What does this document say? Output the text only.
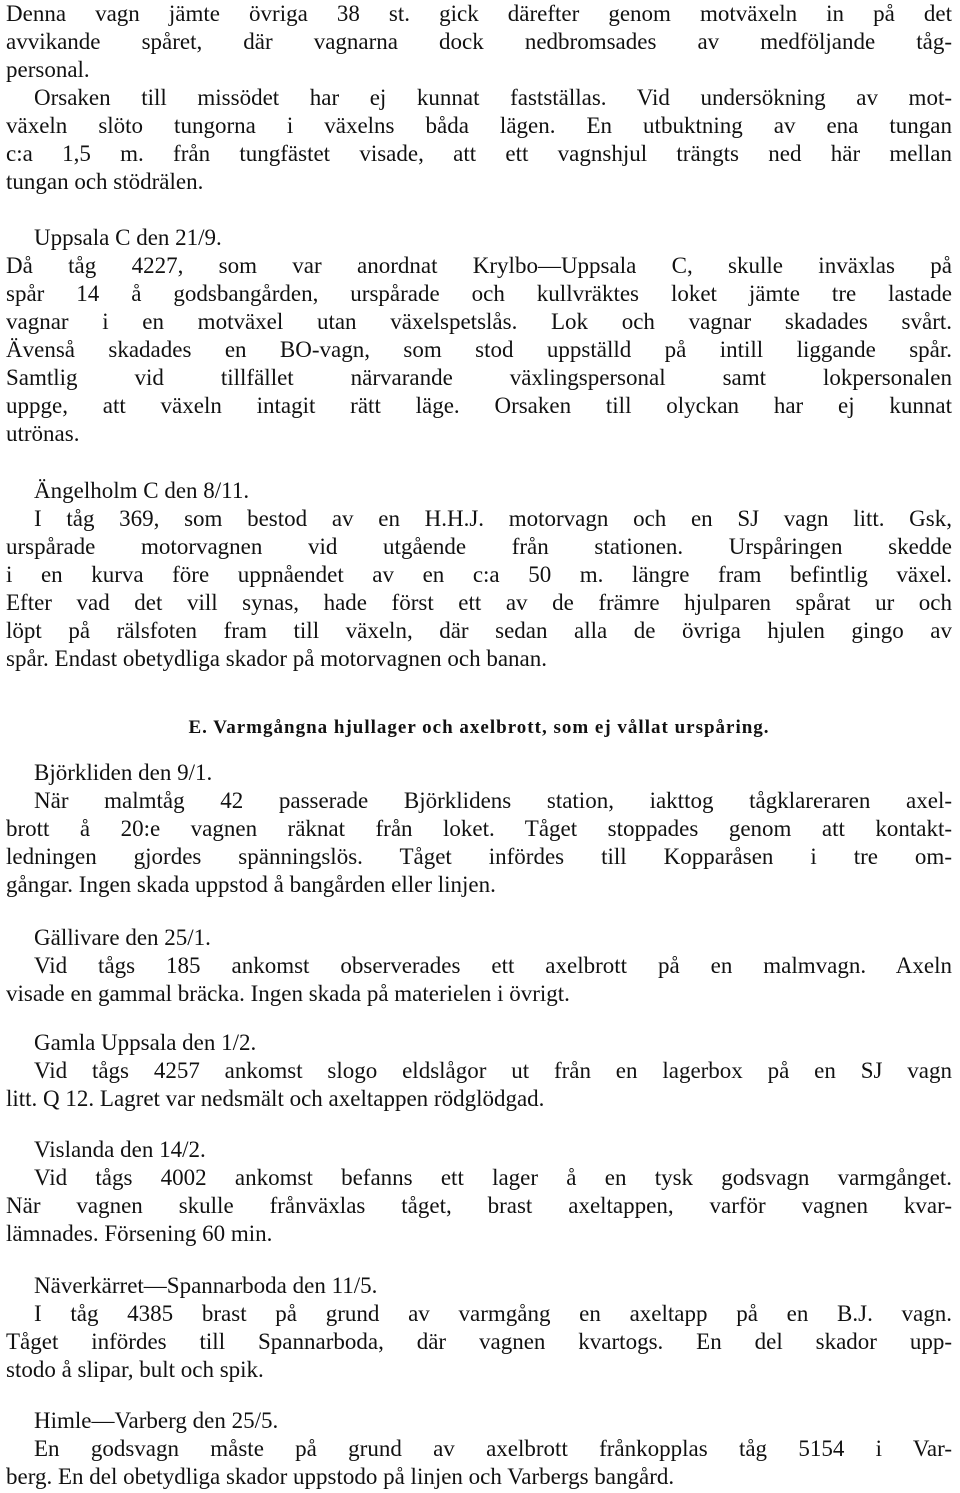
Denna vagn jämte övriga 38 st. gick därefter genom motväxeln in på det
avvikande spåret, där vagnarna dock nedbromsades av medföljande tåg-
personal.
Orsaken till missödet har ej kunnat fastställas. Vid undersökning av mot-
växeln slöto tungorna i växelns båda lägen. En utbuktning av ena tungan
c:a 1,5 m. från tungfästet visade, att ett vagnshjul trängts ned här mellan
tungan och stödrälen.
Uppsala C den 21/9.
Då tåg 4227, som var anordnat Krylbo—Uppsala C, skulle inväxlas på
spår 14 å godsbangården, urspårade och kullvräktes loket jämte tre lastade
vagnar i en motväxel utan växelspetslås. Lok och vagnar skadades svårt.
Ävenså skadades en BO-vagn, som stod uppställd på intill liggande spår.
Samtlig vid tillfället närvarande växlingspersonal samt lokpersonalen
uppge, att växeln intagit rätt läge. Orsaken till olyckan har ej kunnat
utrönas.
Ängelholm C den 8/11.
I tåg 369, som bestod av en H.H.J. motorvagn och en SJ vagn litt. Gsk,
urspårade motorvagnen vid utgående från stationen. Urspåringen skedde
i en kurva före uppnåendet av en c:a 50 m. längre fram befintlig växel.
Efter vad det vill synas, hade först ett av de främre hjulparen spårat ur och
löpt på rälsfoten fram till växeln, där sedan alla de övriga hjulen gingo av
spår. Endast obetydliga skador på motorvagnen och banan.
E. Varmgångna hjullager och axelbrott, som ej vållat urspåring.
Björkliden den 9/1.
När malmtåg 42 passerade Björklidens station, iakttog tågklareraren axel-
brott å 20:e vagnen räknat från loket. Tåget stoppades genom att kontakt-
ledningen gjordes spänningslös. Tåget infördes till Kopparåsen i tre om-
gångar. Ingen skada uppstod å bangården eller linjen.
Gällivare den 25/1.
Vid tågs 185 ankomst observerades ett axelbrott på en malmvagn. Axeln
visade en gammal bräcka. Ingen skada på materielen i övrigt.
Gamla Uppsala den 1/2.
Vid tågs 4257 ankomst slogo eldslågor ut från en lagerbox på en SJ vagn
litt. Q 12. Lagret var nedsmält och axeltappen rödglödgad.
Vislanda den 14/2.
Vid tågs 4002 ankomst befanns ett lager å en tysk godsvagn varmgånget.
När vagnen skulle frånväxlas tåget, brast axeltappen, varför vagnen kvar-
lämnades. Försening 60 min.
Näverkärret—Spannarboda den 11/5.
I tåg 4385 brast på grund av varmgång en axeltapp på en B.J. vagn.
Tåget infördes till Spannarboda, där vagnen kvartogs. En del skador upp-
stodo å slipar, bult och spik.
Himle—Varberg den 25/5.
En godsvagn måste på grund av axelbrott frånkopplas tåg 5154 i Var-
berg. En del obetydliga skador uppstodo på linjen och Varbergs bangård.
